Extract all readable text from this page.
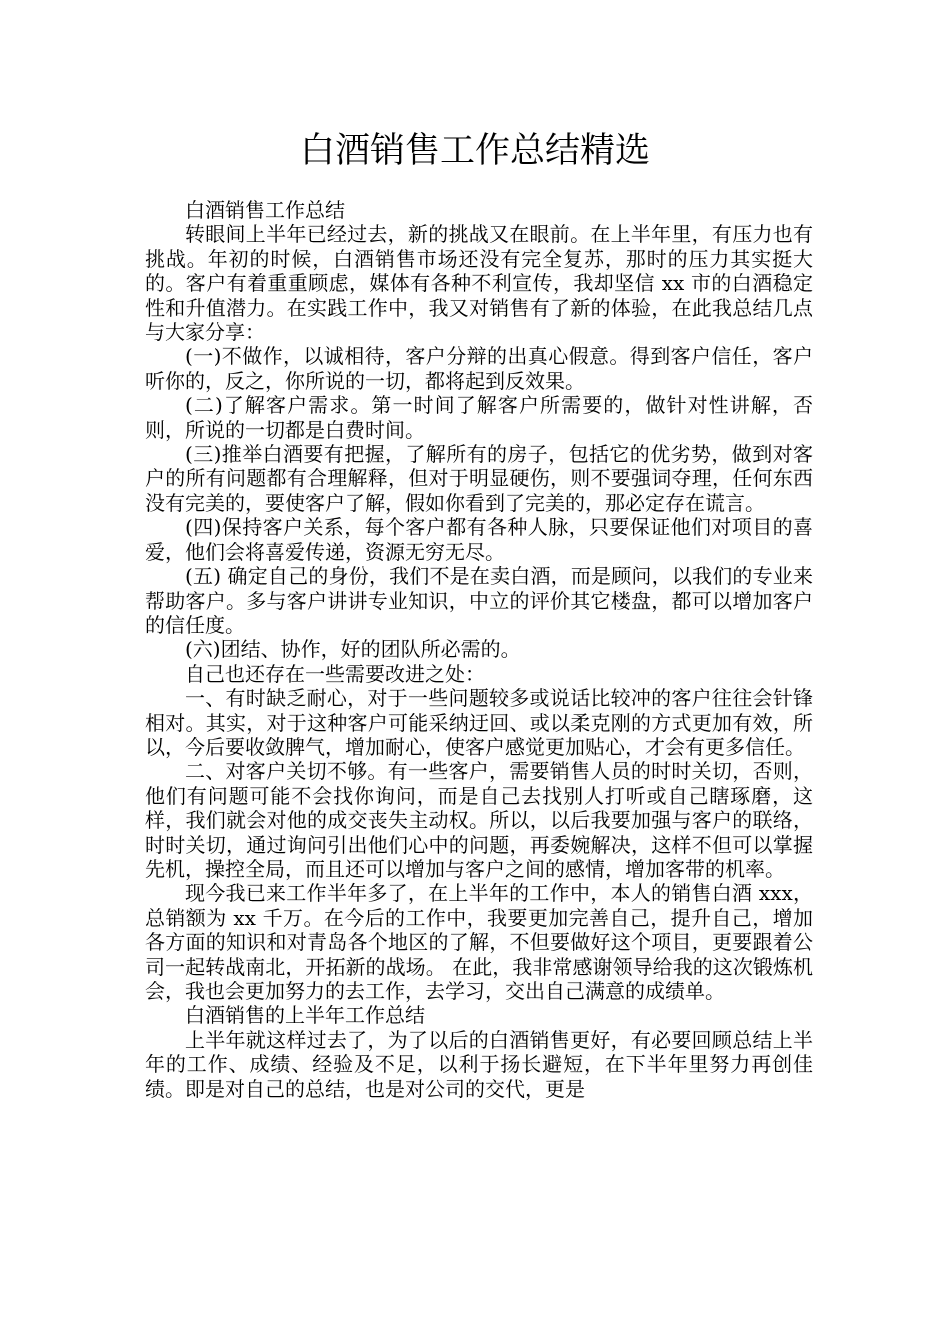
白酒销售工作总结精选

白酒销售工作总结

转眼间上半年已经过去，新的挑战又在眼前。在上半年里，有压力也有挑战。年初的时候，白酒销售市场还没有完全复苏，那时的压力其实挺大的。客户有着重重顾虑，媒体有各种不利宣传，我却坚信 xx 市的白酒稳定性和升值潜力。在实践工作中，我又对销售有了新的体验，在此我总结几点与大家分享：

(一)不做作，以诚相待，客户分辩的出真心假意。得到客户信任，客户听你的，反之，你所说的一切，都将起到反效果。

(二)了解客户需求。第一时间了解客户所需要的，做针对性讲解，否则，所说的一切都是白费时间。

(三)推举白酒要有把握，了解所有的房子，包括它的优劣势，做到对客户的所有问题都有合理解释，但对于明显硬伤，则不要强词夺理，任何东西没有完美的，要使客户了解，假如你看到了完美的，那必定存在谎言。

(四)保持客户关系，每个客户都有各种人脉，只要保证他们对项目的喜爱，他们会将喜爱传递，资源无穷无尽。

(五) 确定自己的身份，我们不是在卖白酒，而是顾问，以我们的专业来帮助客户。多与客户讲讲专业知识，中立的评价其它楼盘，都可以增加客户的信任度。

(六)团结、协作，好的团队所必需的。

自己也还存在一些需要改进之处：

一、有时缺乏耐心，对于一些问题较多或说话比较冲的客户往往会针锋相对。其实，对于这种客户可能采纳迂回、或以柔克刚的方式更加有效，所以，今后要收敛脾气，增加耐心，使客户感觉更加贴心，才会有更多信任。

二、对客户关切不够。有一些客户，需要销售人员的时时关切，否则，他们有问题可能不会找你询问，而是自己去找别人打听或自己瞎琢磨，这样，我们就会对他的成交丧失主动权。所以，以后我要加强与客户的联络，时时关切，通过询问引出他们心中的问题，再委婉解决，这样不但可以掌握先机，操控全局，而且还可以增加与客户之间的感情，增加客带的机率。

现今我已来工作半年多了，在上半年的工作中，本人的销售白酒 xxx，总销额为 xx 千万。在今后的工作中，我要更加完善自己，提升自己，增加各方面的知识和对青岛各个地区的了解，不但要做好这个项目，更要跟着公司一起转战南北，开拓新的战场。 在此，我非常感谢领导给我的这次锻炼机会，我也会更加努力的去工作，去学习，交出自己满意的成绩单。

白酒销售的上半年工作总结

上半年就这样过去了，为了以后的白酒销售更好，有必要回顾总结上半年的工作、成绩、经验及不足，以利于扬长避短，在下半年里努力再创佳绩。即是对自己的总结，也是对公司的交代，更是
